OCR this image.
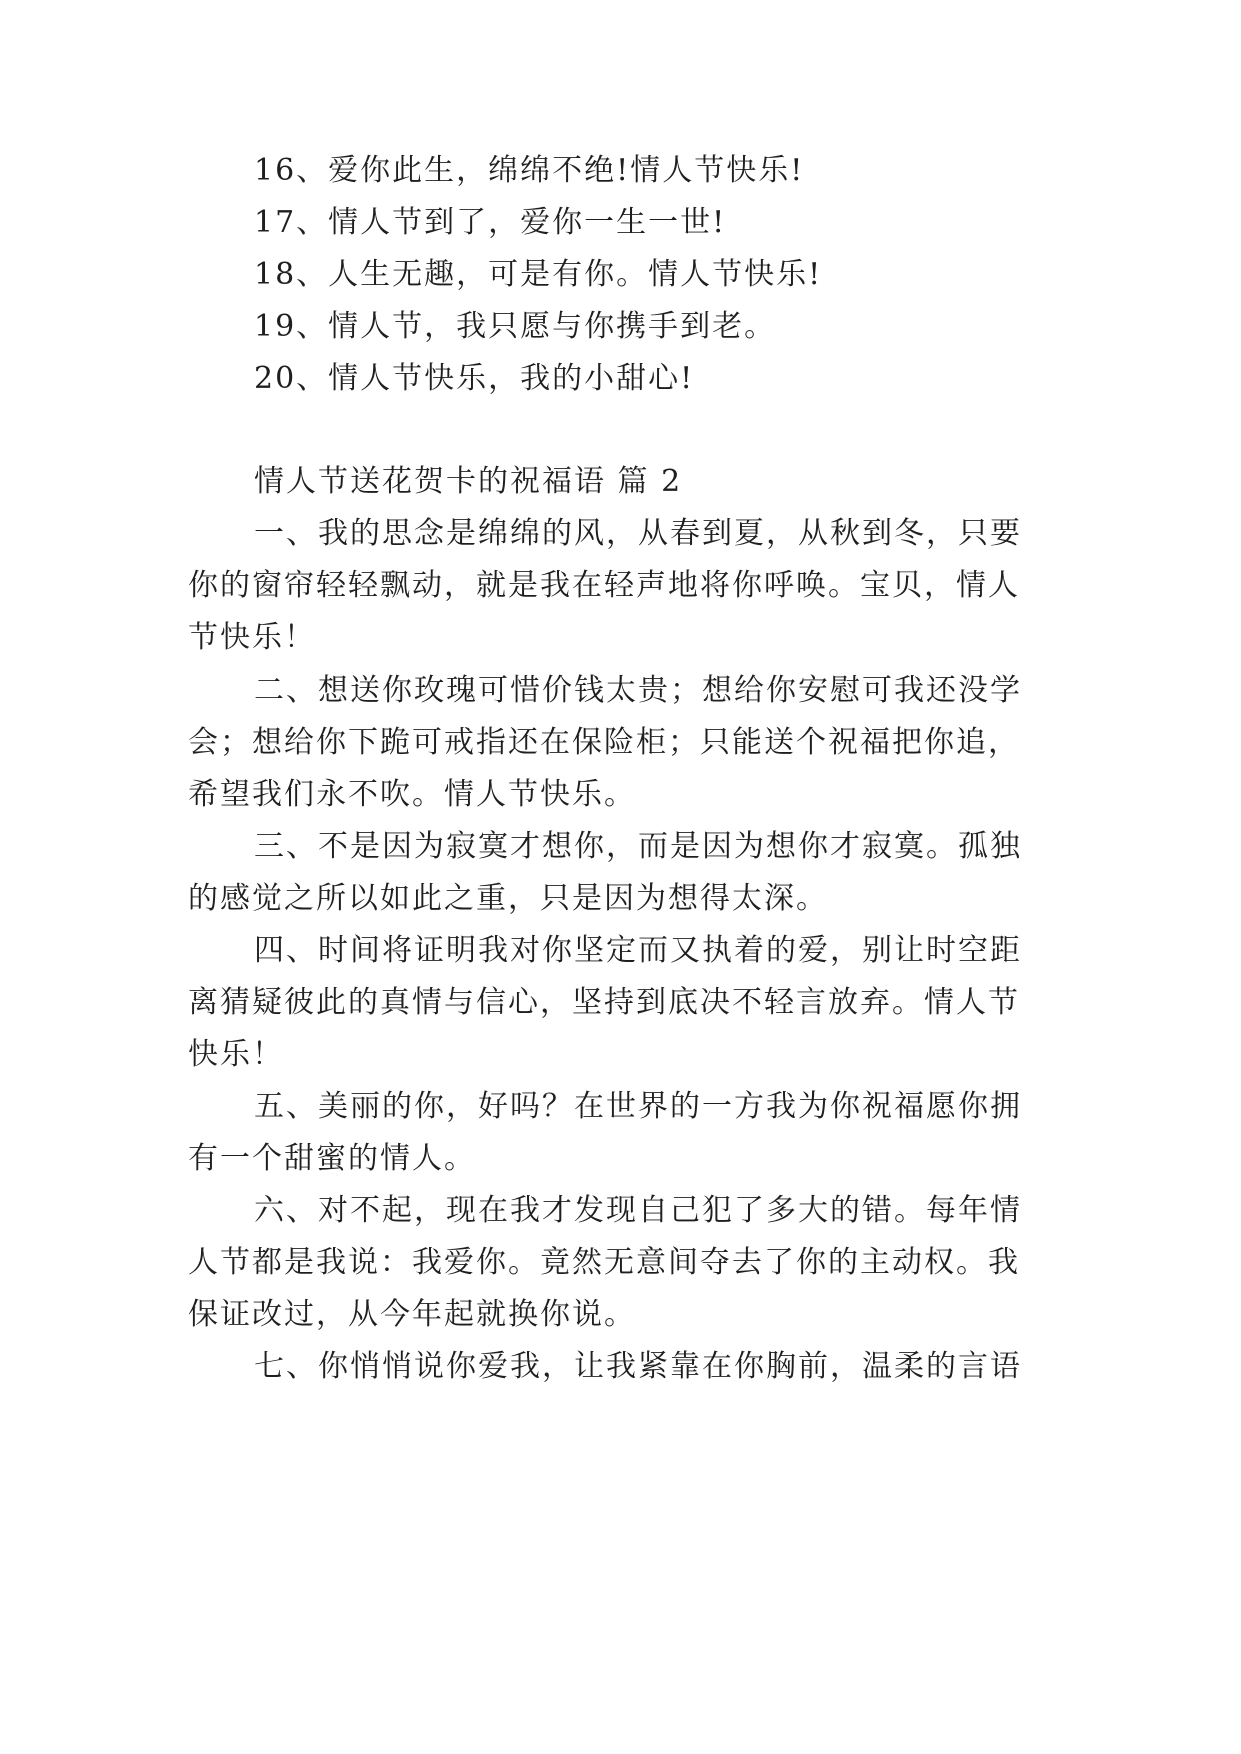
16、爱你此生，绵绵不绝!情人节快乐!
17、情人节到了，爱你一生一世!
18、人生无趣，可是有你。情人节快乐!
19、情人节，我只愿与你携手到老。
20、情人节快乐，我的小甜心!
情人节送花贺卡的祝福语 篇 2
一、我的思念是绵绵的风，从春到夏，从秋到冬，只要
你的窗帘轻轻飘动，就是我在轻声地将你呼唤。宝贝，情人
节快乐！
二、想送你玫瑰可惜价钱太贵；想给你安慰可我还没学
会；想给你下跪可戒指还在保险柜；只能送个祝福把你追，
希望我们永不吹。情人节快乐。
三、不是因为寂寞才想你，而是因为想你才寂寞。孤独
的感觉之所以如此之重，只是因为想得太深。
四、时间将证明我对你坚定而又执着的爱，别让时空距
离猜疑彼此的真情与信心，坚持到底决不轻言放弃。情人节
快乐！
五、美丽的你，好吗？在世界的一方我为你祝福愿你拥
有一个甜蜜的情人。
六、对不起，现在我才发现自己犯了多大的错。每年情
人节都是我说：我爱你。竟然无意间夺去了你的主动权。我
保证改过，从今年起就换你说。
七、你悄悄说你爱我，让我紧靠在你胸前，温柔的言语
